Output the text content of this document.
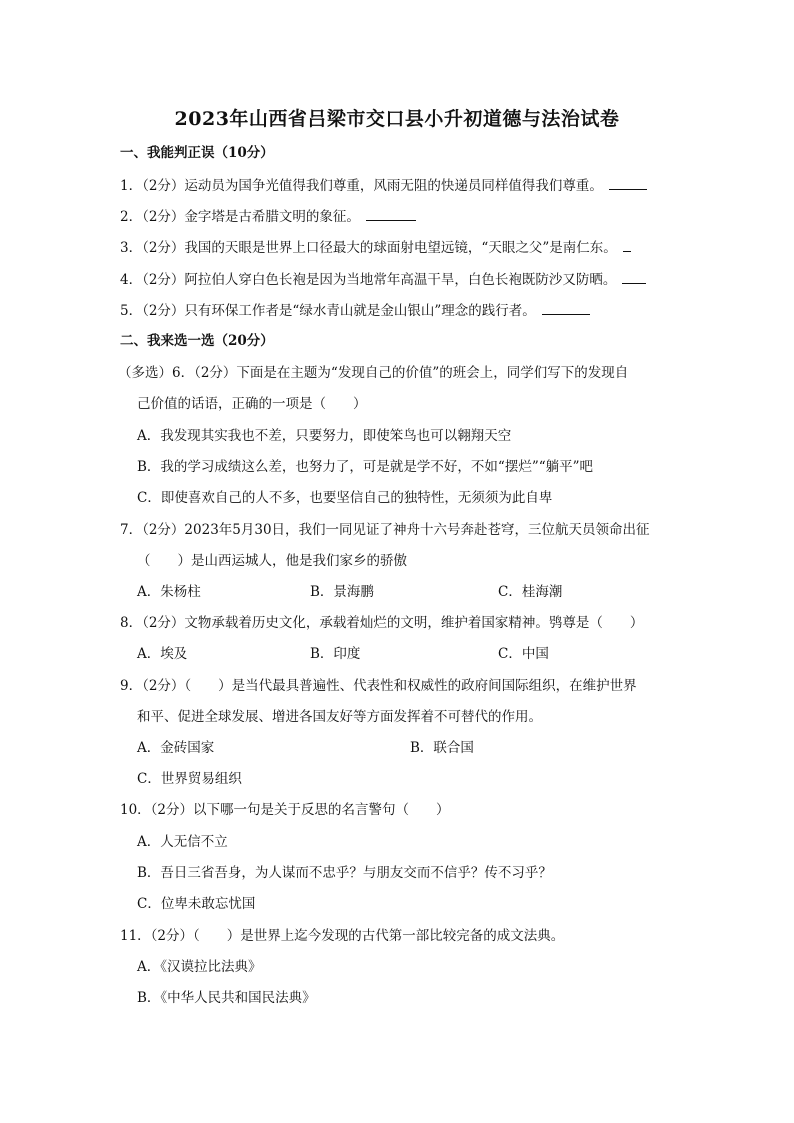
2023年山西省吕梁市交口县小升初道德与法治试卷
一、我能判正误（10分）
1．（2分）运动员为国争光值得我们尊重，风雨无阻的快递员同样值得我们尊重。
2．（2分）金字塔是古希腊文明的象征。
3．（2分）我国的天眼是世界上口径最大的球面射电望远镜，“天眼之父”是南仁东。
4．（2分）阿拉伯人穿白色长袍是因为当地常年高温干旱，白色长袍既防沙又防晒。
5．（2分）只有环保工作者是“绿水青山就是金山银山”理念的践行者。
二、我来选一选（20分）
（多选）6．（2分）下面是在主题为“发现自己的价值”的班会上，同学们写下的发现自
己价值的话语，正确的一项是（　　）
A．我发现其实我也不差，只要努力，即使笨鸟也可以翱翔天空
B．我的学习成绩这么差，也努力了，可是就是学不好，不如“摆烂”“躺平”吧
C．即使喜欢自己的人不多，也要坚信自己的独特性，无须须为此自卑
7．（2分）2023年5月30日，我们一同见证了神舟十六号奔赴苍穹，三位航天员领命出征
（　　）是山西运城人，他是我们家乡的骄傲
A．朱杨柱	B．景海鹏	C．桂海潮
8．（2分）文物承载着历史文化，承载着灿烂的文明，维护着国家精神。鸮尊是（　　）
A．埃及	B．印度	C．中国
9．（2分）（　　）是当代最具普遍性、代表性和权威性的政府间国际组织，在维护世界
和平、促进全球发展、增进各国友好等方面发挥着不可替代的作用。
A．金砖国家	B．联合国
C．世界贸易组织
10．（2分）以下哪一句是关于反思的名言警句（　　）
A．人无信不立
B．吾日三省吾身，为人谋而不忠乎？与朋友交而不信乎？传不习乎？
C．位卑未敢忘忧国
11．（2分）（　　）是世界上迄今发现的古代第一部比较完备的成文法典。
A．《汉谟拉比法典》
B．《中华人民共和国民法典》
